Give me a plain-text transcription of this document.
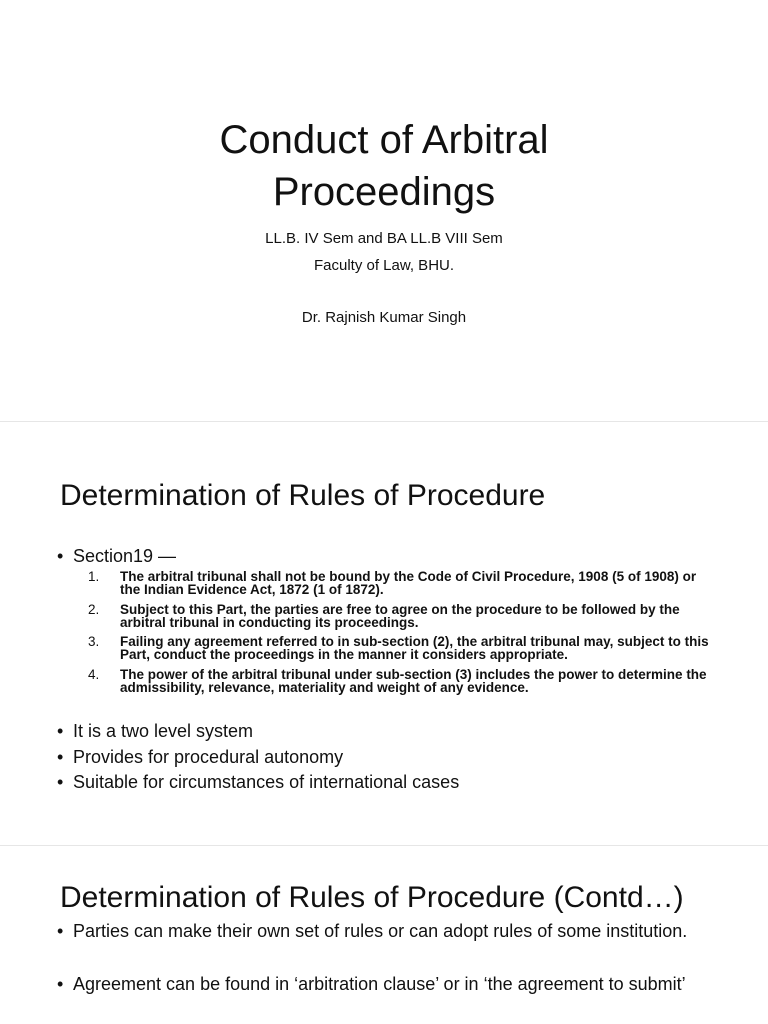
Conduct of Arbitral
Proceedings
LL.B. IV Sem and BA LL.B VIII Sem
Faculty of Law, BHU.
Dr. Rajnish Kumar Singh
Determination of Rules of Procedure
• Section19 —
1. The arbitral tribunal shall not be bound by the Code of Civil Procedure, 1908 (5 of 1908) or the Indian Evidence Act, 1872 (1 of 1872).
2. Subject to this Part, the parties are free to agree on the procedure to be followed by the arbitral tribunal in conducting its proceedings.
3. Failing any agreement referred to in sub-section (2), the arbitral tribunal may, subject to this Part, conduct the proceedings in the manner it considers appropriate.
4. The power of the arbitral tribunal under sub-section (3) includes the power to determine the admissibility, relevance, materiality and weight of any evidence.
• It is a two level system
• Provides for procedural autonomy
• Suitable for circumstances of international cases
Determination of Rules of Procedure (Contd…)
• Parties can make their own set of rules or can adopt rules of some institution.
• Agreement can be found in ‘arbitration clause’ or in ‘the agreement to submit’
